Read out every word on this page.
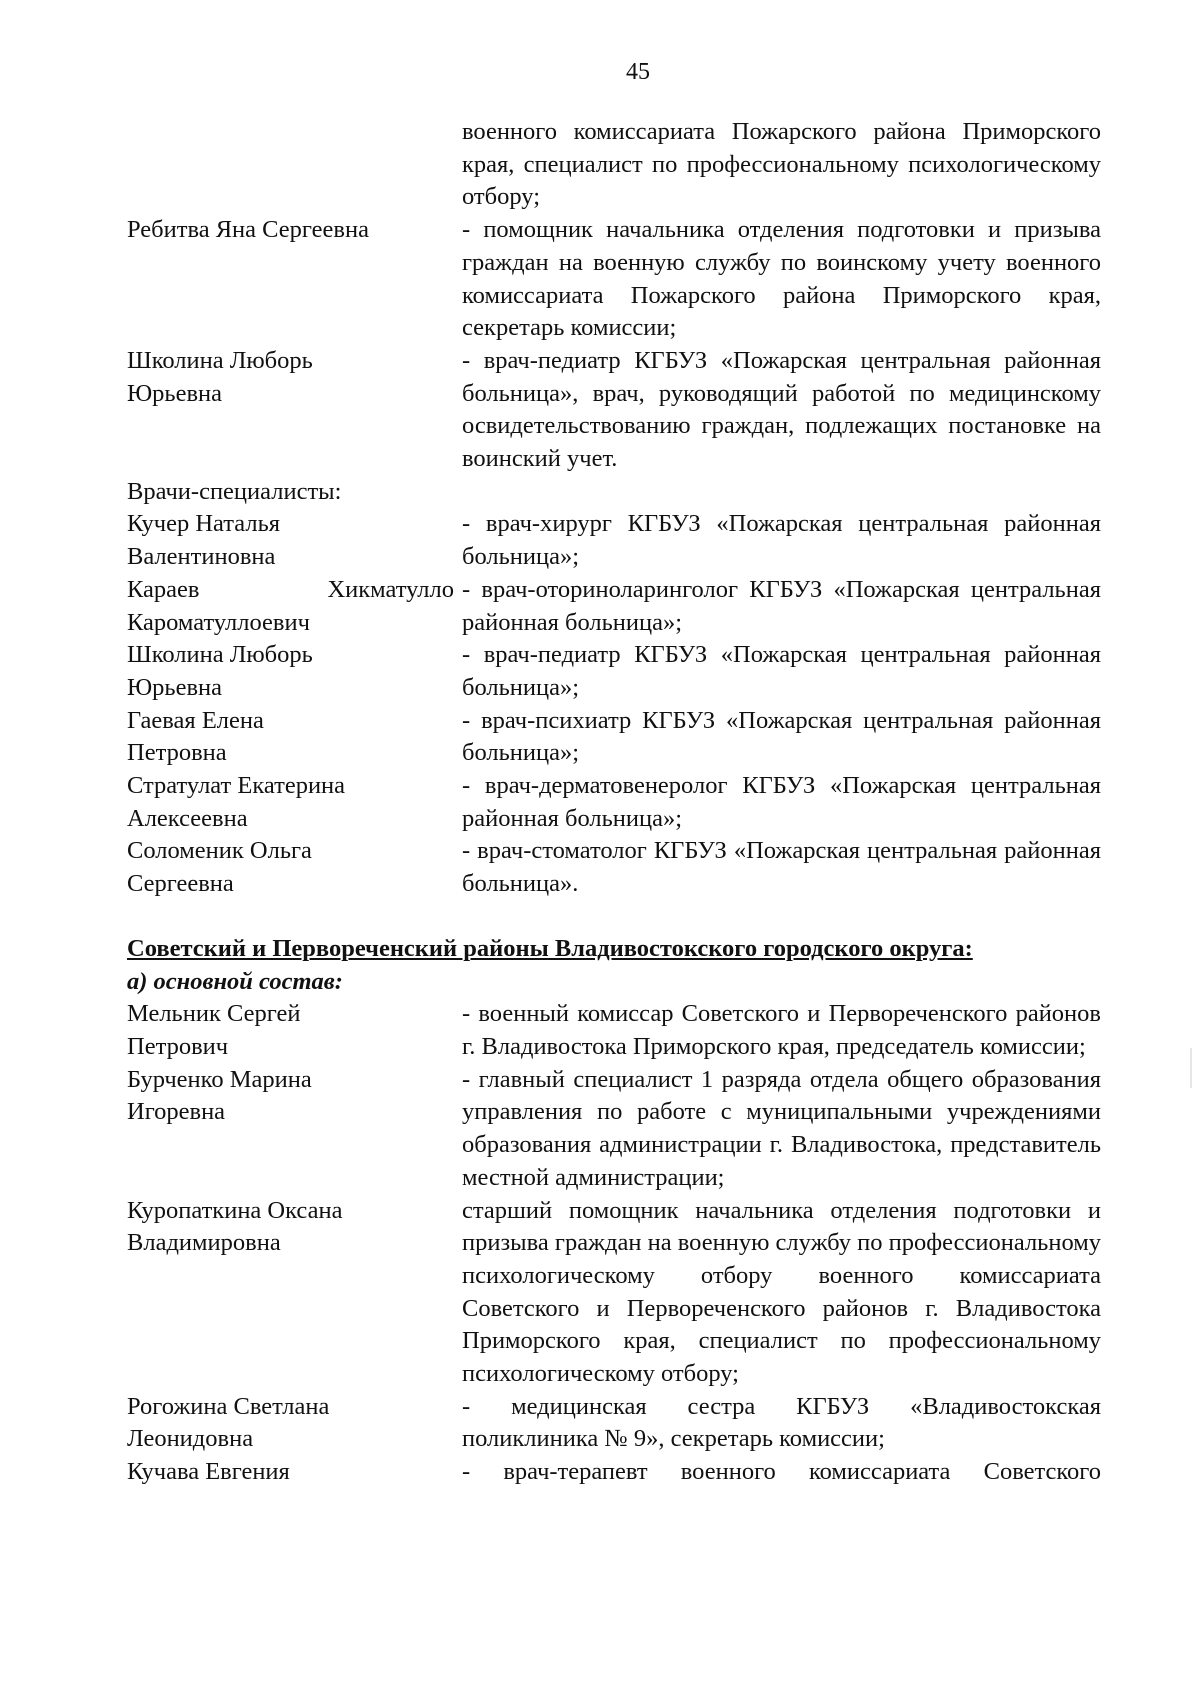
45
военного комиссариата Пожарского района Приморского края, специалист по профессиональному психологическому отбору;
Ребитва Яна Сергеевна	- помощник начальника отделения подготовки и призыва граждан на военную службу по воинскому учету военного комиссариата Пожарского района Приморского края, секретарь комиссии;
Школина Люборь Юрьевна
- врач-педиатр КГБУЗ «Пожарская центральная районная больница», врач, руководящий работой по медицинскому освидетельствованию граждан, подлежащих постановке на воинский учет.
Врачи-специалисты:
Кучер Наталья Валентиновна
- врач-хирург КГБУЗ «Пожарская центральная районная больница»;
Караев Хикматулло Кароматуллоевич
- врач-оториноларинголог КГБУЗ «Пожарская центральная районная больница»;
Школина Люборь Юрьевна
- врач-педиатр КГБУЗ «Пожарская центральная районная больница»;
Гаевая Елена Петровна
- врач-психиатр КГБУЗ «Пожарская центральная районная больница»;
Стратулат Екатерина Алексеевна
- врач-дерматовенеролог КГБУЗ «Пожарская центральная районная больница»;
Соломеник Ольга Сергеевна
- врач-стоматолог КГБУЗ «Пожарская центральная районная больница».
Советский и Первореченский районы Владивостокского городского округа:
а) основной состав:
Мельник Сергей Петрович
- военный комиссар Советского и Первореченского районов г. Владивостока Приморского края, председатель комиссии;
Бурченко Марина Игоревна
- главный специалист 1 разряда отдела общего образования управления по работе с муниципальными учреждениями образования администрации г. Владивостока, представитель местной администрации;
Куропаткина Оксана Владимировна
старший помощник начальника отделения подготовки и призыва граждан на военную службу по профессиональному психологическому отбору военного комиссариата Советского и Первореченского районов г. Владивостока Приморского края, специалист по профессиональному психологическому отбору;
Рогожина Светлана Леонидовна
- медицинская сестра КГБУЗ «Владивостокская поликлиника № 9», секретарь комиссии;
Кучава Евгения	- врач-терапевт военного комиссариата Советского
